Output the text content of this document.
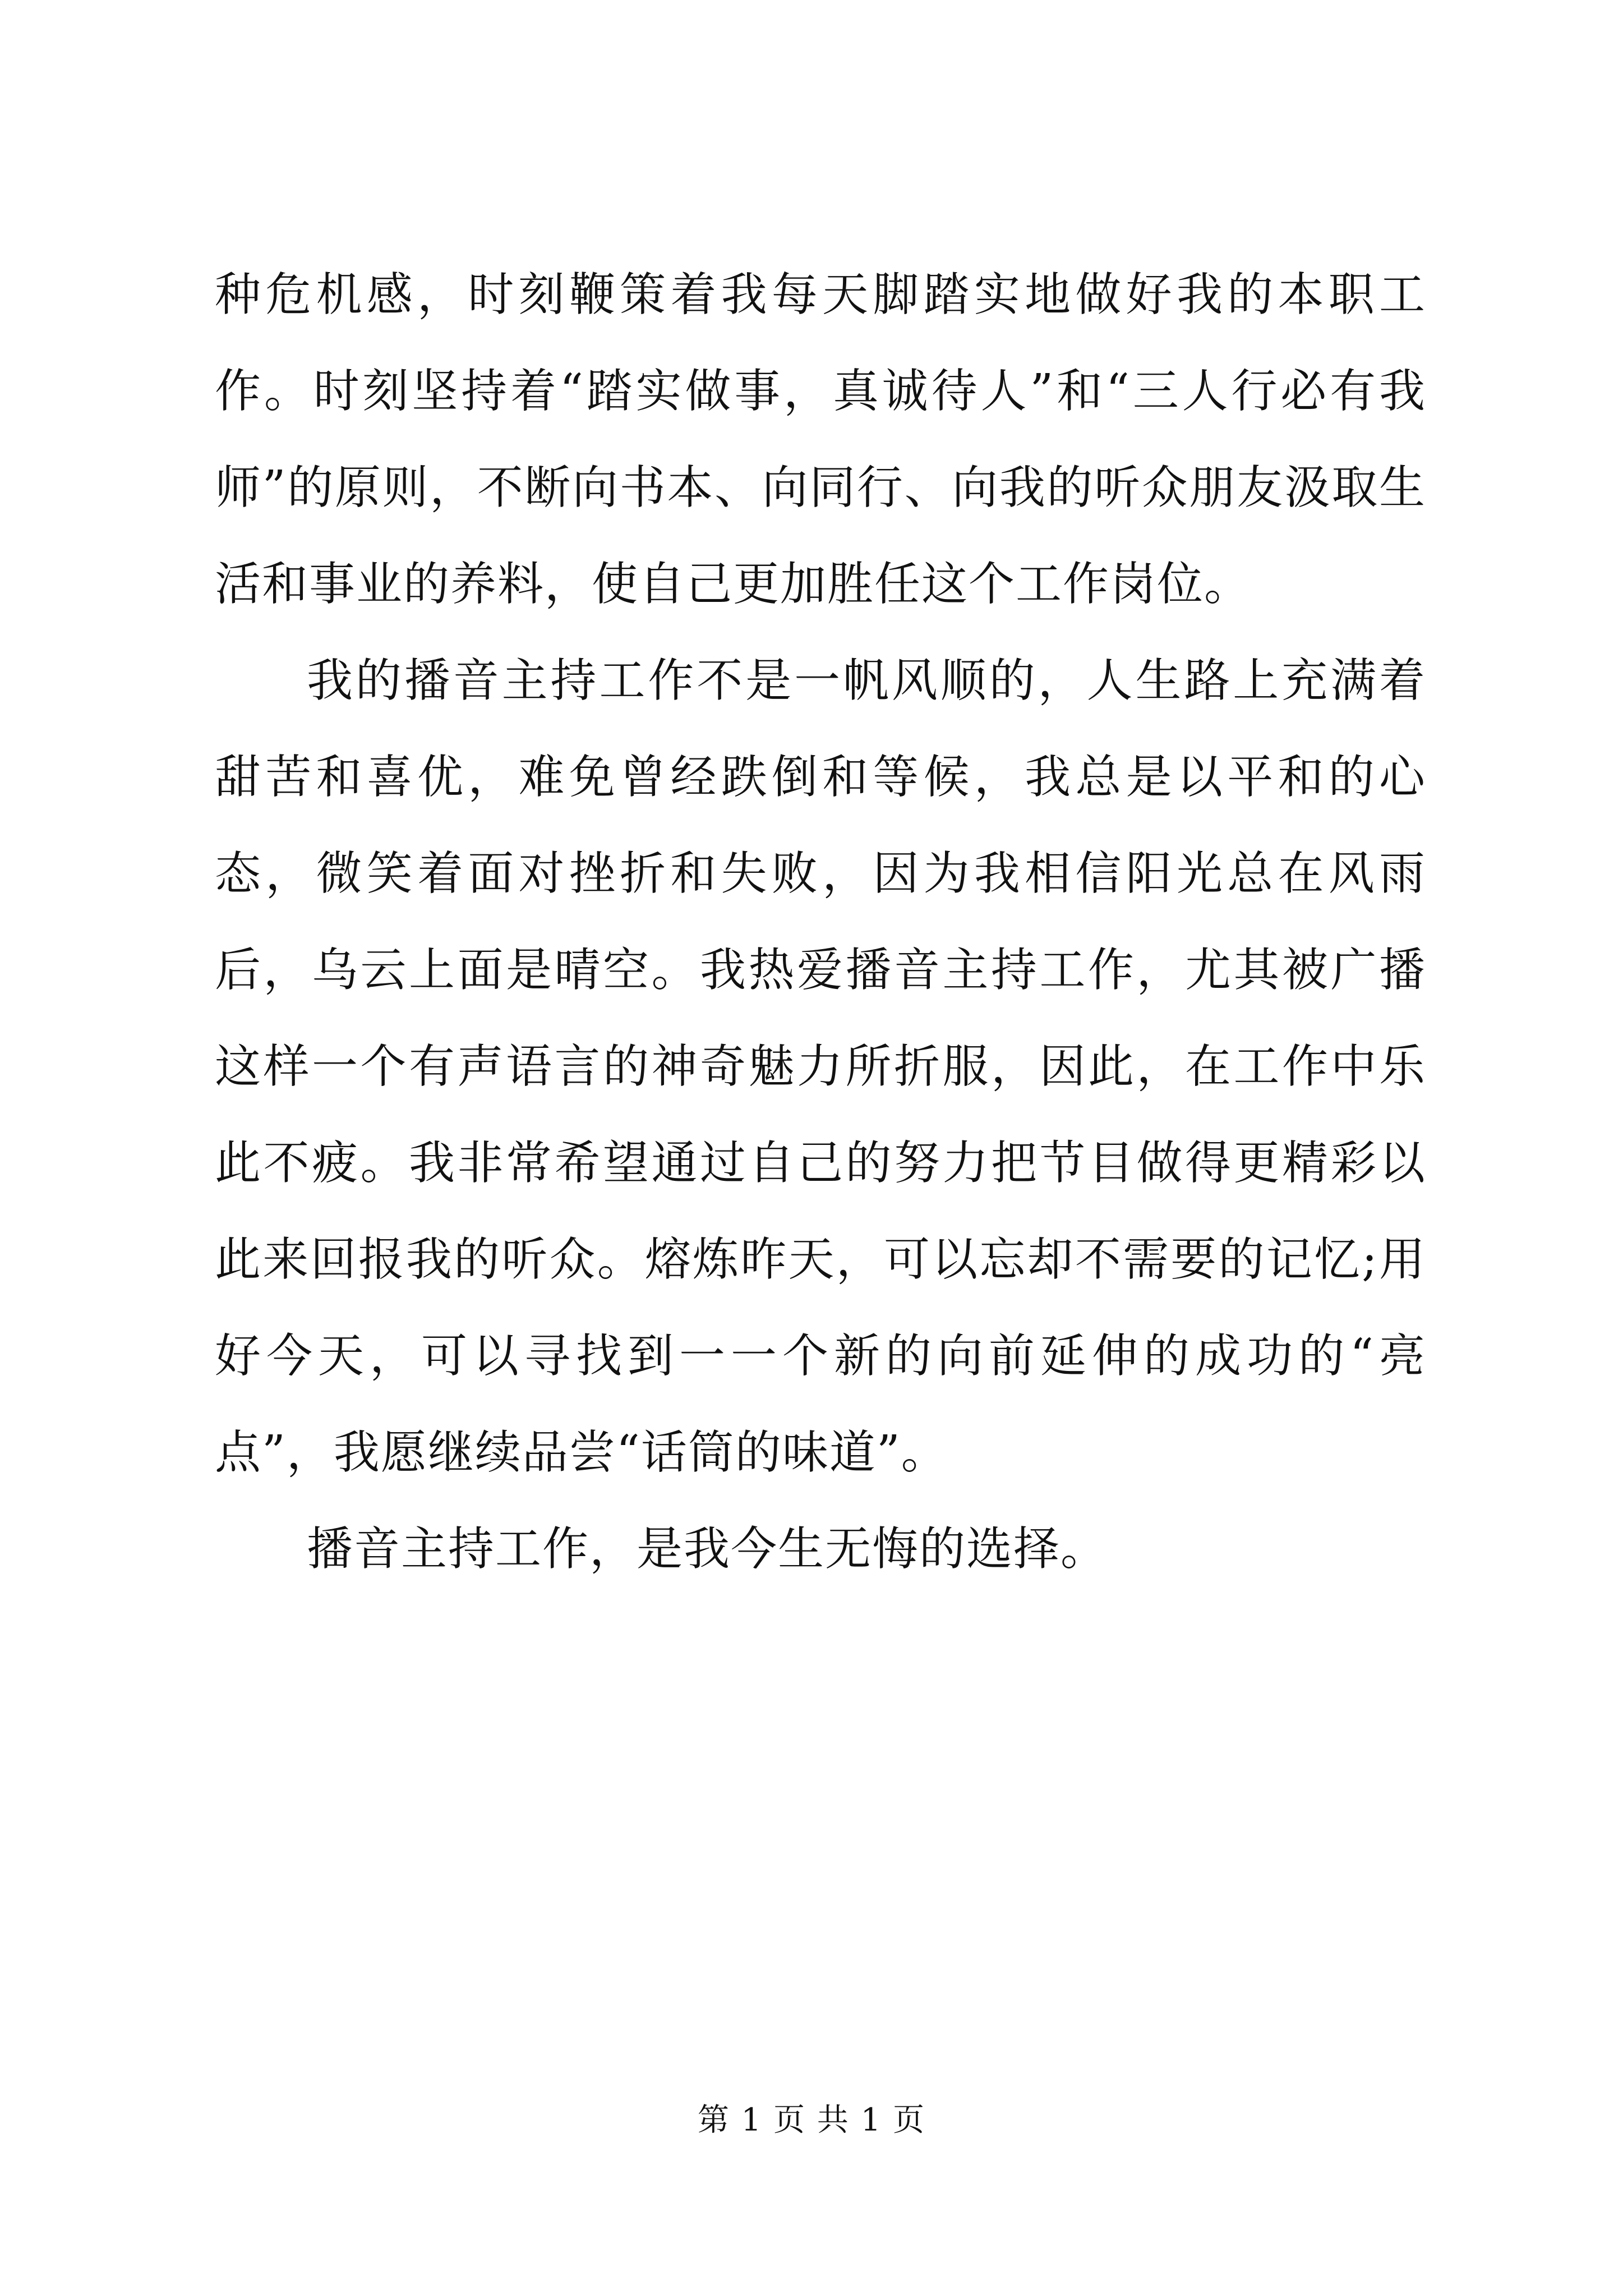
种危机感，时刻鞭策着我每天脚踏实地做好我的本职工作。时刻坚持着“踏实做事，真诚待人”和“三人行必有我师”的原则，不断向书本、向同行、向我的听众朋友汲取生活和事业的养料，使自己更加胜任这个工作岗位。

我的播音主持工作不是一帆风顺的，人生路上充满着甜苦和喜优，难免曾经跌倒和等候，我总是以平和的心态，微笑着面对挫折和失败，因为我相信阳光总在风雨后，乌云上面是晴空。我热爱播音主持工作，尤其被广播这样一个有声语言的神奇魅力所折服，因此，在工作中乐此不疲。我非常希望通过自己的努力把节目做得更精彩以此来回报我的听众。熔炼昨天，可以忘却不需要的记忆;用好今天，可以寻找到一一个新的向前延伸的成功的“亮点”，我愿继续品尝“话筒的味道”。

播音主持工作，是我今生无悔的选择。

第 1 页 共 1 页
